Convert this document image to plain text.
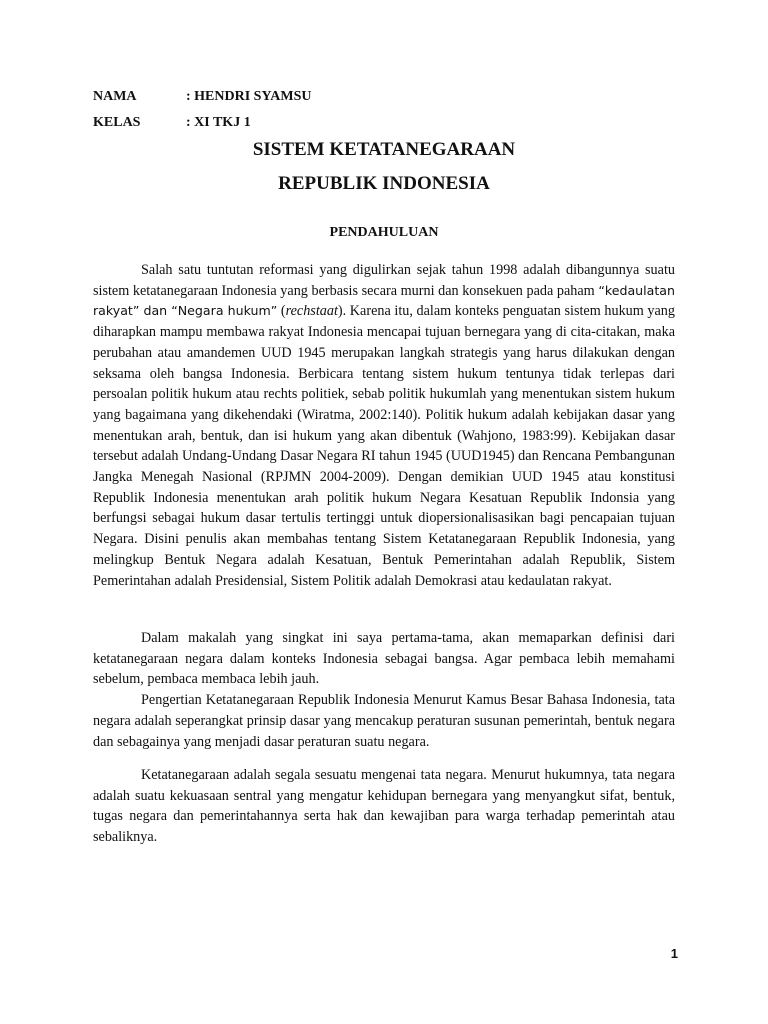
NAMA	: HENDRI SYAMSU
KELAS	: XI TKJ 1
SISTEM KETATANEGARAAN
REPUBLIK INDONESIA
PENDAHULUAN

Salah satu tuntutan reformasi yang digulirkan sejak tahun 1998 adalah dibangunnya suatu sistem ketatanegaraan Indonesia yang berbasis secara murni dan konsekuen pada paham “kedaulatan rakyat” dan “Negara hukum” (rechstaat). Karena itu, dalam konteks penguatan sistem hukum yang diharapkan mampu membawa rakyat Indonesia mencapai tujuan bernegara yang di cita-citakan, maka perubahan atau amandemen UUD 1945 merupakan langkah strategis yang harus dilakukan dengan seksama oleh bangsa Indonesia. Berbicara tentang sistem hukum tentunya tidak terlepas dari persoalan politik hukum atau rechts politiek, sebab politik hukumlah yang menentukan sistem hukum yang bagaimana yang dikehendaki (Wiratma, 2002:140). Politik hukum adalah kebijakan dasar yang menentukan arah, bentuk, dan isi hukum yang akan dibentuk (Wahjono, 1983:99). Kebijakan dasar tersebut adalah Undang-Undang Dasar Negara RI tahun 1945 (UUD1945) dan Rencana Pembangunan Jangka Menegah Nasional (RPJMN 2004-2009). Dengan demikian UUD 1945 atau konstitusi Republik Indonesia menentukan arah politik hukum Negara Kesatuan Republik Indonsia yang berfungsi sebagai hukum dasar tertulis tertinggi untuk diopersionalisasikan bagi pencapaian tujuan Negara. Disini penulis akan membahas tentang Sistem Ketatanegaraan Republik Indonesia, yang melingkup Bentuk Negara adalah Kesatuan, Bentuk Pemerintahan adalah Republik, Sistem Pemerintahan adalah Presidensial, Sistem Politik adalah Demokrasi atau kedaulatan rakyat.

Dalam makalah yang singkat ini saya pertama-tama, akan memaparkan definisi dari ketatanegaraan negara dalam konteks Indonesia sebagai bangsa. Agar pembaca lebih memahami sebelum, pembaca membaca lebih jauh.

Pengertian Ketatanegaraan Republik Indonesia Menurut Kamus Besar Bahasa Indonesia, tata negara adalah seperangkat prinsip dasar yang mencakup peraturan susunan pemerintah, bentuk negara dan sebagainya yang menjadi dasar peraturan suatu negara.

Ketatanegaraan adalah segala sesuatu mengenai tata negara. Menurut hukumnya, tata negara adalah suatu kekuasaan sentral yang mengatur kehidupan bernegara yang menyangkut sifat, bentuk, tugas negara dan pemerintahannya serta hak dan kewajiban para warga terhadap pemerintah atau sebaliknya.

1
